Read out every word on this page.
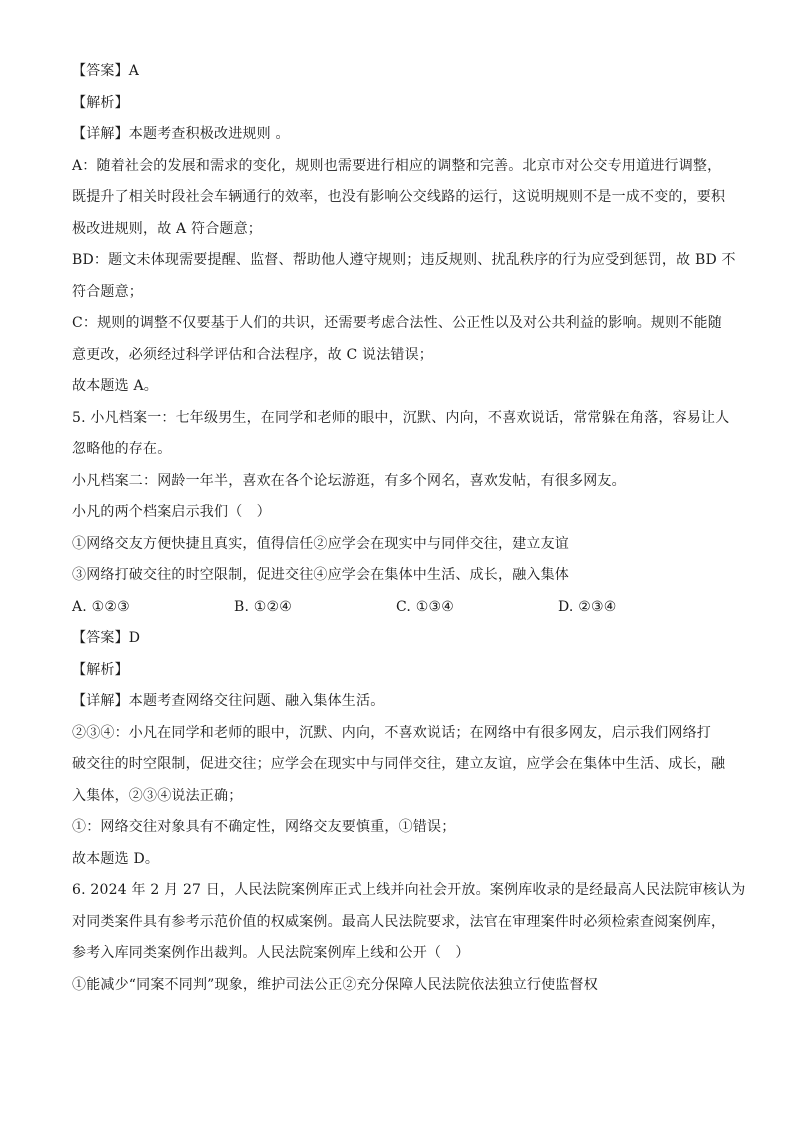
【答案】A
【解析】
【详解】本题考查积极改进规则 。
A：随着社会的发展和需求的变化，规则也需要进行相应的调整和完善。北京市对公交专用道进行调整，
既提升了相关时段社会车辆通行的效率，也没有影响公交线路的运行，这说明规则不是一成不变的，要积
极改进规则，故 A 符合题意；
BD：题文未体现需要提醒、监督、帮助他人遵守规则；违反规则、扰乱秩序的行为应受到惩罚，故 BD 不
符合题意；
C：规则的调整不仅要基于人们的共识，还需要考虑合法性、公正性以及对公共利益的影响。规则不能随
意更改，必须经过科学评估和合法程序，故 C 说法错误；
故本题选 A。
5. 小凡档案一：七年级男生，在同学和老师的眼中，沉默、内向，不喜欢说话，常常躲在角落，容易让人
忽略他的存在。
小凡档案二：网龄一年半，喜欢在各个论坛游逛，有多个网名，喜欢发帖，有很多网友。
小凡的两个档案启示我们（　）
①网络交友方便快捷且真实，值得信任②应学会在现实中与同伴交往，建立友谊
③网络打破交往的时空限制，促进交往④应学会在集体中生活、成长，融入集体
A. ①②③	B. ①②④	C. ①③④	D. ②③④
【答案】D
【解析】
【详解】本题考查网络交往问题、融入集体生活。
②③④：小凡在同学和老师的眼中，沉默、内向，不喜欢说话；在网络中有很多网友，启示我们网络打
破交往的时空限制，促进交往；应学会在现实中与同伴交往，建立友谊，应学会在集体中生活、成长，融
入集体，②③④说法正确；
①：网络交往对象具有不确定性，网络交友要慎重，①错误；
故本题选 D。
6. 2024 年 2 月 27 日，人民法院案例库正式上线并向社会开放。案例库收录的是经最高人民法院审核认为
对同类案件具有参考示范价值的权威案例。最高人民法院要求，法官在审理案件时必须检索查阅案例库，
参考入库同类案例作出裁判。人民法院案例库上线和公开（　）
①能减少“同案不同判”现象，维护司法公正②充分保障人民法院依法独立行使监督权
